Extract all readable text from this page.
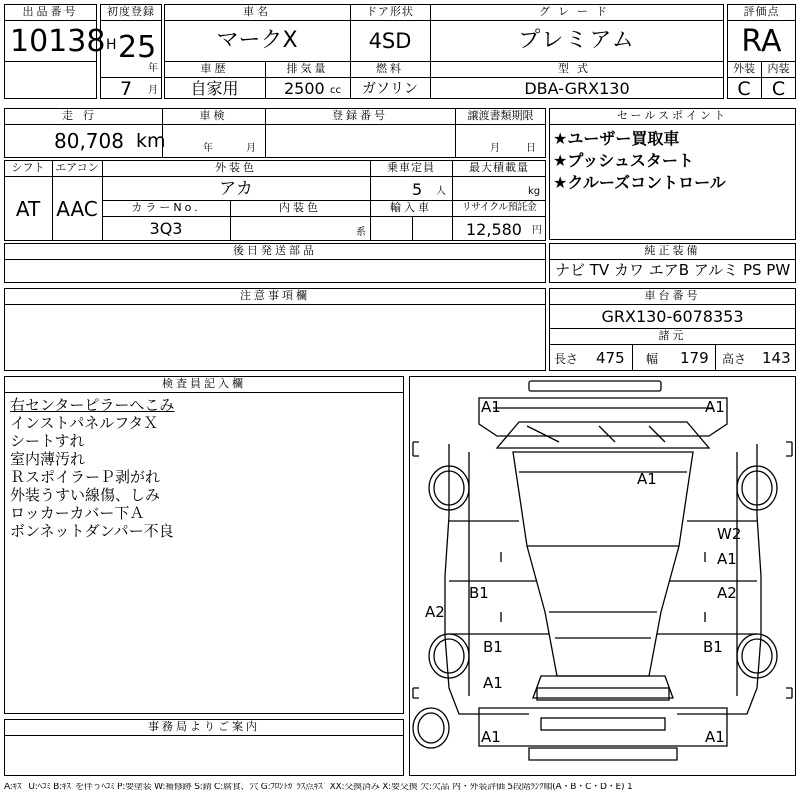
出品番号
10138
初度登録
H 25
年
7 月
車名
マークX
ドア形状
4SD
グレード
プレミアム
車歴
自家用
排気量
2500 cc
燃料
ガソリン
型式
DBA-GRX130
評価点
RA
外装	内装
C	C
走行
80,708 km
車検
年	月
登録番号	譲渡書類期限
月	日
セールスポイント
★ユーザー買取車
★プッシュスタート
★クルーズコントロール
シフト
AT
エアコン
AAC
外装色
アカ
乗車定員
5 人
最大積載量
kg
カラーNo.
3Q3
内装色
系
輸入車	リサイクル預託金
12,580 円
後日発送部品	純正装備
ナビ TV カワ エアB アルミ PS PW
注意事項欄	車台番号
GRX130-6078353
諸元
長さ 475 幅 179 高さ 143
検査員記入欄
右センターピラーへこみ
インストパネルフタＸ
シートすれ
室内薄汚れ
ＲスポイラーＰ剥がれ
外装うすい線傷、しみ
ロッカーカバー下Ａ
ボンネットダンパー不良
事務局よりご案内
A1	A1
A1
W2
A1
B1	A2
A2
B1	B1
A1
A1	A1
A:ｷｽﾞ U:ﾍｺﾐ B:ｷｽﾞを伴うﾍｺﾐ P:要塗装 W:補修跡 S:錆 C:腐食、穴 G:ﾌﾛﾝﾄｶﾞﾗｽ点ｷｽﾞ XX:交換済み X:要交換 欠:欠品 内・外装評価 5段階ﾗﾝｸ順(A・B・C・D・E) 1
